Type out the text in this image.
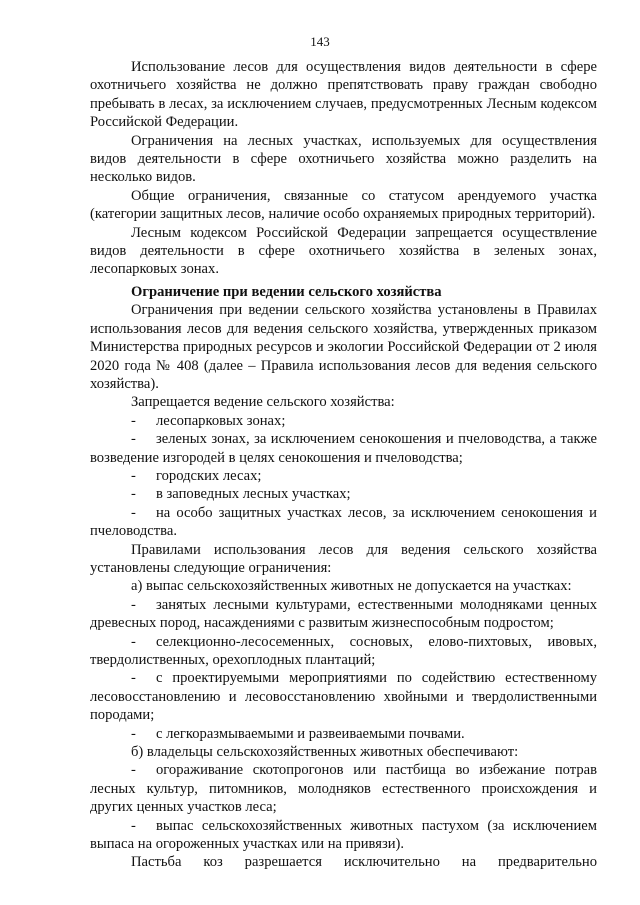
143

Использование лесов для осуществления видов деятельности в сфере охотничьего хозяйства не должно препятствовать праву граждан свободно пребывать в лесах, за исключением случаев, предусмотренных Лесным кодексом Российской Федерации.

Ограничения на лесных участках, используемых для осуществления видов деятельности в сфере охотничьего хозяйства можно разделить на несколько видов.

Общие ограничения, связанные со статусом арендуемого участка (категории защитных лесов, наличие особо охраняемых природных территорий).

Лесным кодексом Российской Федерации запрещается осуществление видов деятельности в сфере охотничьего хозяйства в зеленых зонах, лесопарковых зонах.

Ограничение при ведении сельского хозяйства

Ограничения при ведении сельского хозяйства установлены в Правилах использования лесов для ведения сельского хозяйства, утвержденных приказом Министерства природных ресурсов и экологии Российской Федерации от 2 июля 2020 года № 408 (далее – Правила использования лесов для ведения сельского хозяйства).

Запрещается ведение сельского хозяйства:

- лесопарковых зонах;

- зеленых зонах, за исключением сенокошения и пчеловодства, а также возведение изгородей в целях сенокошения и пчеловодства;

- городских лесах;

- в заповедных лесных участках;

- на особо защитных участках лесов, за исключением сенокошения и пчеловодства.

Правилами использования лесов для ведения сельского хозяйства установлены следующие ограничения:

а) выпас сельскохозяйственных животных не допускается на участках:

- занятых лесными культурами, естественными молодняками ценных древесных пород, насаждениями с развитым жизнеспособным подростом;

- селекционно-лесосеменных, сосновых, елово-пихтовых, ивовых, твердолиственных, орехоплодных плантаций;

- с проектируемыми мероприятиями по содействию естественному лесовосстановлению и лесовосстановлению хвойными и твердолиственными породами;

- с легкоразмываемыми и развеиваемыми почвами.

б) владельцы сельскохозяйственных животных обеспечивают:

- огораживание скотопрогонов или пастбища во избежание потрав лесных культур, питомников, молодняков естественного происхождения и других ценных участков леса;

- выпас сельскохозяйственных животных пастухом (за исключением выпаса на огороженных участках или на привязи).

Пастьба коз разрешается исключительно на предварительно
